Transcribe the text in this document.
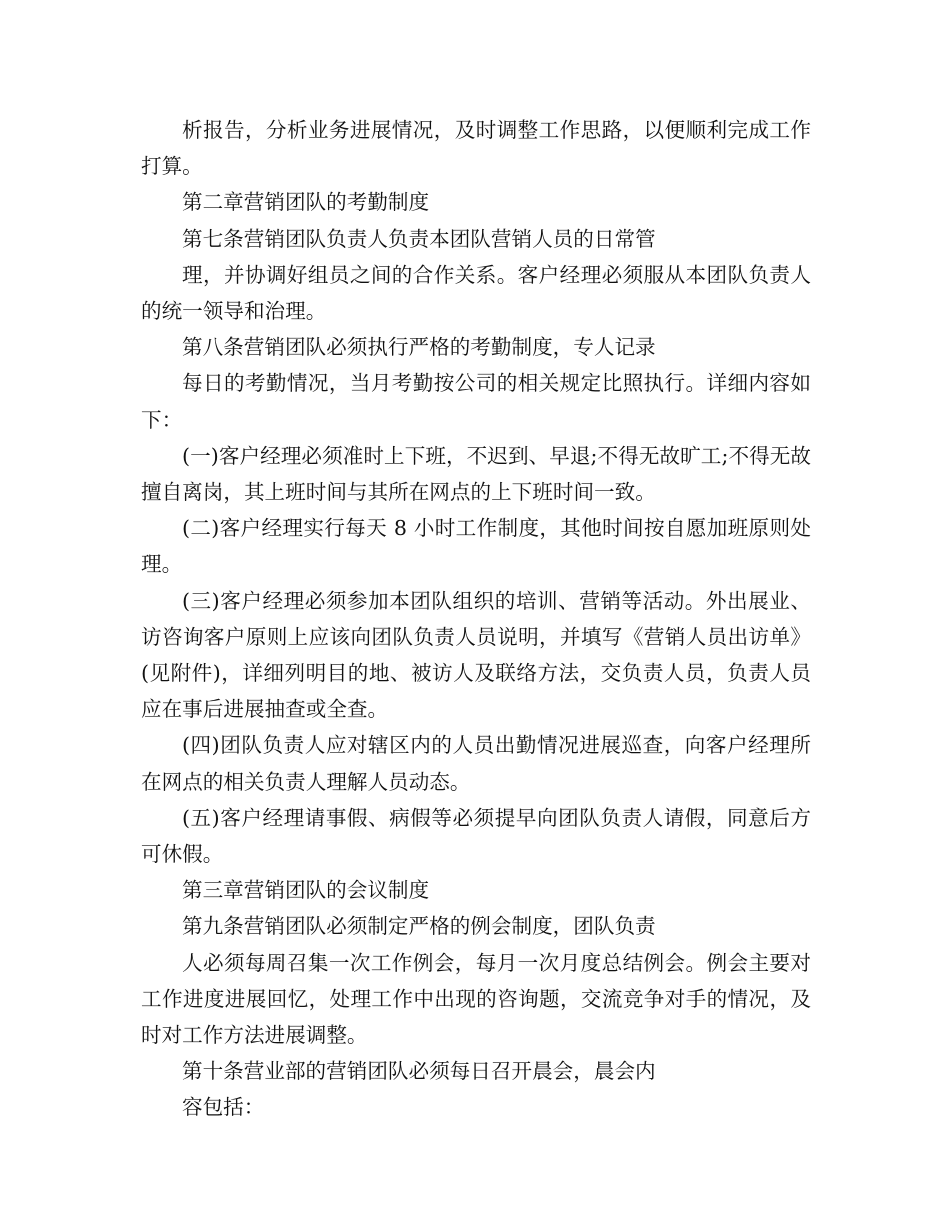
析报告，分析业务进展情况，及时调整工作思路，以便顺利完成工作打算。

第二章营销团队的考勤制度

第七条营销团队负责人负责本团队营销人员的日常管

理，并协调好组员之间的合作关系。客户经理必须服从本团队负责人的统一领导和治理。

第八条营销团队必须执行严格的考勤制度，专人记录

每日的考勤情况，当月考勤按公司的相关规定比照执行。详细内容如下：

(一)客户经理必须准时上下班，不迟到、早退;不得无故旷工;不得无故擅自离岗，其上班时间与其所在网点的上下班时间一致。

(二)客户经理实行每天 8 小时工作制度，其他时间按自愿加班原则处理。

(三)客户经理必须参加本团队组织的培训、营销等活动。外出展业、访咨询客户原则上应该向团队负责人员说明，并填写《营销人员出访单》(见附件)，详细列明目的地、被访人及联络方法，交负责人员，负责人员应在事后进展抽查或全查。

(四)团队负责人应对辖区内的人员出勤情况进展巡查，向客户经理所在网点的相关负责人理解人员动态。

(五)客户经理请事假、病假等必须提早向团队负责人请假，同意后方可休假。

第三章营销团队的会议制度

第九条营销团队必须制定严格的例会制度，团队负责

人必须每周召集一次工作例会，每月一次月度总结例会。例会主要对工作进度进展回忆，处理工作中出现的咨询题，交流竞争对手的情况，及时对工作方法进展调整。

第十条营业部的营销团队必须每日召开晨会，晨会内

容包括：
